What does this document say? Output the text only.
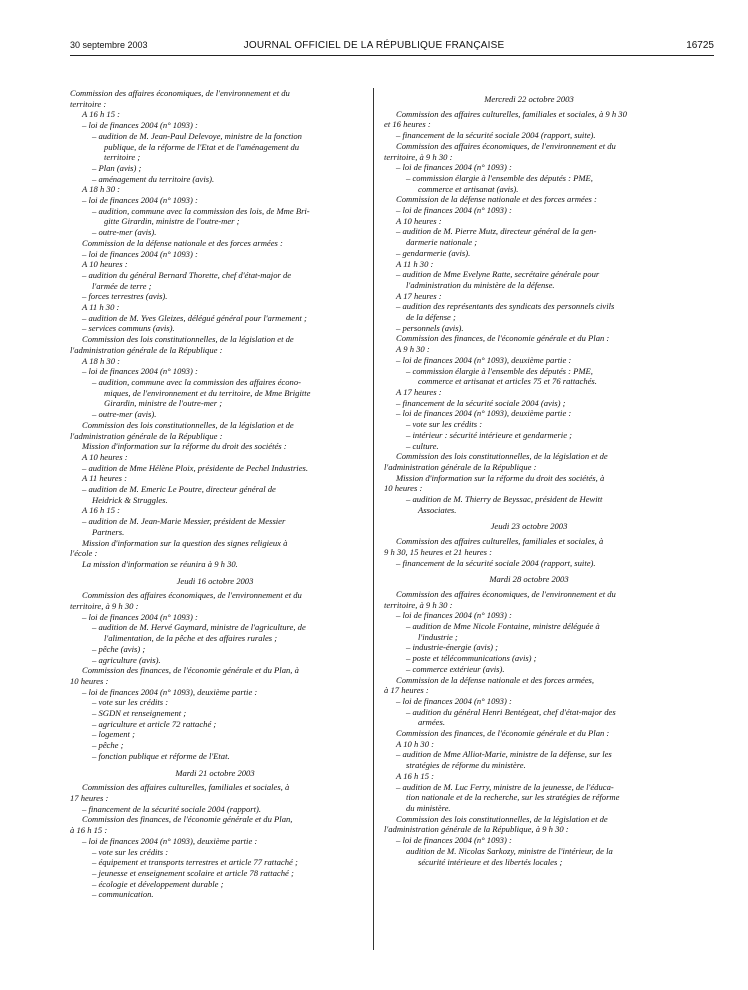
30 septembre 2003	JOURNAL OFFICIEL DE LA RÉPUBLIQUE FRANÇAISE	16725
Commission des affaires économiques, de l'environnement et du
territoire :
A 16 h 15 :
– loi de finances 2004 (n° 1093) :
– audition de M. Jean-Paul Delevoye, ministre de la fonction
publique, de la réforme de l'Etat et de l'aménagement du
territoire ;
– Plan (avis) ;
– aménagement du territoire (avis).
A 18 h 30 :
– loi de finances 2004 (n° 1093) :
– audition, commune avec la commission des lois, de Mme Bri-
gitte Girardin, ministre de l'outre-mer ;
– outre-mer (avis).
Commission de la défense nationale et des forces armées :
– loi de finances 2004 (n° 1093) :
A 10 heures :
– audition du général Bernard Thorette, chef d'état-major de
l'armée de terre ;
– forces terrestres (avis).
A 11 h 30 :
– audition de M. Yves Gleizes, délégué général pour l'armement ;
– services communs (avis).
Commission des lois constitutionnelles, de la législation et de
l'administration générale de la République :
A 18 h 30 :
– loi de finances 2004 (n° 1093) :
– audition, commune avec la commission des affaires écono-
miques, de l'environnement et du territoire, de Mme Brigitte
Girardin, ministre de l'outre-mer ;
– outre-mer (avis).
Commission des lois constitutionnelles, de la législation et de
l'administration générale de la République :
Mission d'information sur la réforme du droit des sociétés :
A 10 heures :
– audition de Mme Hélène Ploix, présidente de Pechel Industries.
A 11 heures :
– audition de M. Emeric Le Poutre, directeur général de
Heidrick & Struggles.
A 16 h 15 :
– audition de M. Jean-Marie Messier, président de Messier
Partners.
Mission d'information sur la question des signes religieux à
l'école :
La mission d'information se réunira à 9 h 30.
Jeudi 16 octobre 2003
Commission des affaires économiques, de l'environnement et du
territoire, à 9 h 30 :
– loi de finances 2004 (n° 1093) :
– audition de M. Hervé Gaymard, ministre de l'agriculture, de
l'alimentation, de la pêche et des affaires rurales ;
– pêche (avis) ;
– agriculture (avis).
Commission des finances, de l'économie générale et du Plan, à
10 heures :
– loi de finances 2004 (n° 1093), deuxième partie :
– vote sur les crédits :
– SGDN et renseignement ;
– agriculture et article 72 rattaché ;
– logement ;
– pêche ;
– fonction publique et réforme de l'Etat.
Mardi 21 octobre 2003
Commission des affaires culturelles, familiales et sociales, à
17 heures :
– financement de la sécurité sociale 2004 (rapport).
Commission des finances, de l'économie générale et du Plan,
à 16 h 15 :
– loi de finances 2004 (n° 1093), deuxième partie :
– vote sur les crédits :
– équipement et transports terrestres et article 77 rattaché ;
– jeunesse et enseignement scolaire et article 78 rattaché ;
– écologie et développement durable ;
– communication.
Mercredi 22 octobre 2003
Commission des affaires culturelles, familiales et sociales, à 9 h 30
et 16 heures :
– financement de la sécurité sociale 2004 (rapport, suite).
Commission des affaires économiques, de l'environnement et du
territoire, à 9 h 30 :
– loi de finances 2004 (n° 1093) :
– commission élargie à l'ensemble des députés : PME,
commerce et artisanat (avis).
Commission de la défense nationale et des forces armées :
– loi de finances 2004 (n° 1093) :
A 10 heures :
– audition de M. Pierre Mutz, directeur général de la gen-
darmerie nationale ;
– gendarmerie (avis).
A 11 h 30 :
– audition de Mme Evelyne Ratte, secrétaire générale pour
l'administration du ministère de la défense.
A 17 heures :
– audition des représentants des syndicats des personnels civils
de la défense ;
– personnels (avis).
Commission des finances, de l'économie générale et du Plan :
A 9 h 30 :
– loi de finances 2004 (n° 1093), deuxième partie :
– commission élargie à l'ensemble des députés : PME,
commerce et artisanat et articles 75 et 76 rattachés.
A 17 heures :
– financement de la sécurité sociale 2004 (avis) ;
– loi de finances 2004 (n° 1093), deuxième partie :
– vote sur les crédits :
– intérieur : sécurité intérieure et gendarmerie ;
– culture.
Commission des lois constitutionnelles, de la législation et de
l'administration générale de la République :
Mission d'information sur la réforme du droit des sociétés, à
10 heures :
– audition de M. Thierry de Beyssac, président de Hewitt
Associates.
Jeudi 23 octobre 2003
Commission des affaires culturelles, familiales et sociales, à
9 h 30, 15 heures et 21 heures :
– financement de la sécurité sociale 2004 (rapport, suite).
Mardi 28 octobre 2003
Commission des affaires économiques, de l'environnement et du
territoire, à 9 h 30 :
– loi de finances 2004 (n° 1093) :
– audition de Mme Nicole Fontaine, ministre déléguée à
l'industrie ;
– industrie-énergie (avis) ;
– poste et télécommunications (avis) ;
– commerce extérieur (avis).
Commission de la défense nationale et des forces armées,
à 17 heures :
– loi de finances 2004 (n° 1093) :
– audition du général Henri Bentégeat, chef d'état-major des
armées.
Commission des finances, de l'économie générale et du Plan :
A 10 h 30 :
– audition de Mme Alliot-Marie, ministre de la défense, sur les
stratégies de réforme du ministère.
A 16 h 15 :
– audition de M. Luc Ferry, ministre de la jeunesse, de l'éduca-
tion nationale et de la recherche, sur les stratégies de réforme
du ministère.
Commission des lois constitutionnelles, de la législation et de
l'administration générale de la République, à 9 h 30 :
– loi de finances 2004 (n° 1093) :
audition de M. Nicolas Sarkozy, ministre de l'intérieur, de la
sécurité intérieure et des libertés locales ;
